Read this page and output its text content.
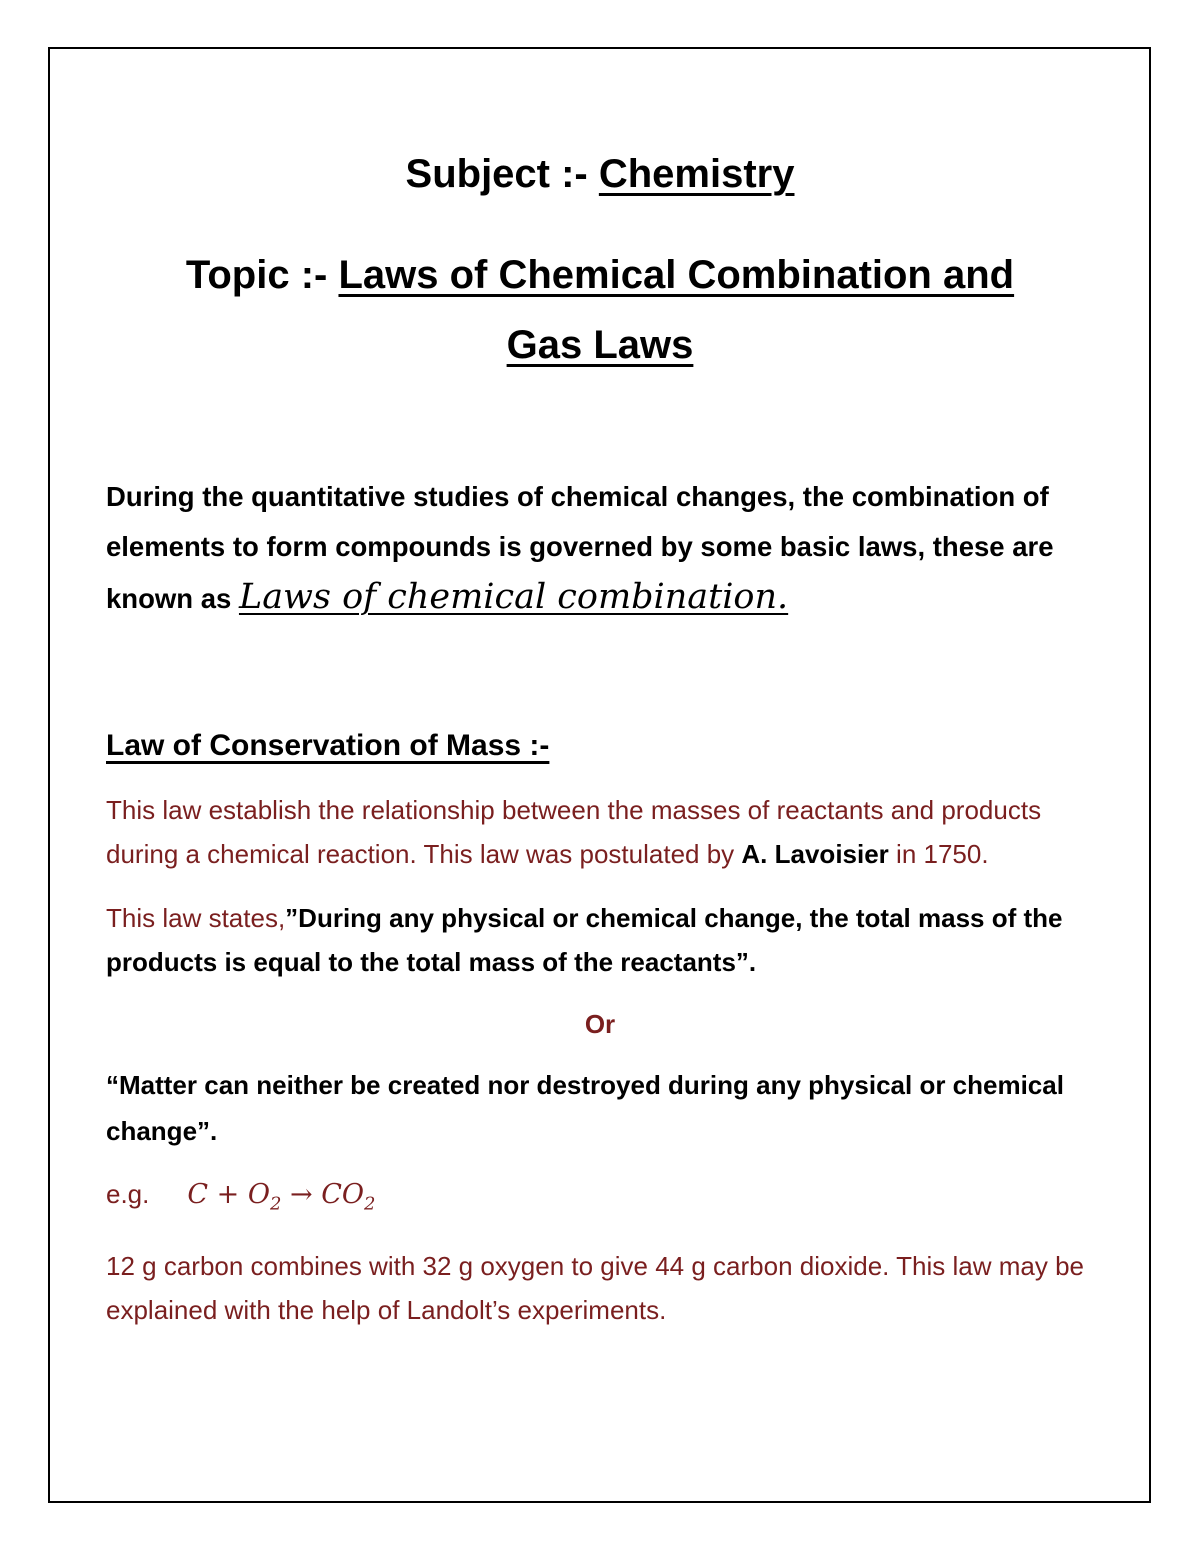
Subject :- Chemistry

Topic :- Laws of Chemical Combination and
Gas Laws

During the quantitative studies of chemical changes, the combination of elements to form compounds is governed by some basic laws, these are known as Laws of chemical combination.
Law of Conservation of Mass :-
This law establish the relationship between the masses of reactants and products during a chemical reaction. This law was postulated by A. Lavoisier in 1750.
This law states,”During any physical or chemical change, the total mass of the products is equal to the total mass of the reactants”.
Or
“Matter can neither be created nor destroyed during any physical or chemical change”.
e.g. $C + O_2 \to CO_2$
12 g carbon combines with 32 g oxygen to give 44 g carbon dioxide. This law may be explained with the help of Landolt’s experiments.
